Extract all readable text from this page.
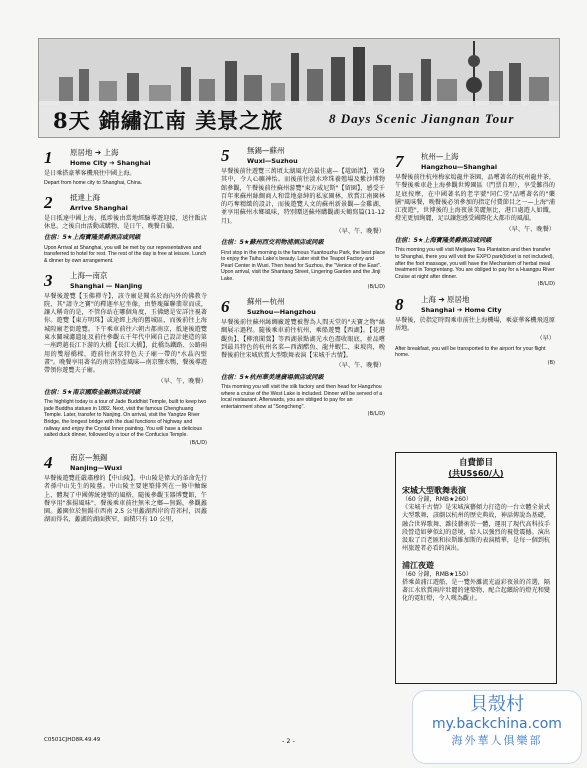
8天 錦繡江南 美景之旅	8 Days Scenic Jiangnan Tour
1 原居地 ➔ 上海
Home City ➔ Shanghai

是日乘搭豪華客機飛往中國上海。

Depart from home city to Shanghai, China.

2 抵達上海
Arrive Shanghai

是日抵達中國上海，抵埗後由當地經驗導遊迎接，送往飯店休息。之後自由活動或購物，是日午、晚餐自備。

住宿：5★上海寶隆美爵酒店或同級

Upon Arrival at Shanghai, you will be met by our representatives and transferred to hotel for rest. The rest of the day is free at leisure. Lunch & dinner by own arrangement.

3 上海—南京
Shanghai — Nanjing

早餐後遊覽【玉佛禪寺】，該寺廟是聞名於海內外的佛教寺院，其"請寺之寶"的釋迦牟尼坐像，由整塊羅聯翡翠而成，讓人稱奇的是，不管你站在哪個角度，玉佛總是安詳注視著你。遊覽【東方明珠】或途經上海的舊城區，而後前往上海城隍廟老街遊覽。下午乘車前往六朝古都南京，抵達後遊覽東水關城濾遺址及前往參觀五千年代中國自己設計建造的第一座跨越長江下游的大橋【長江大橋】，此橋為鐵路、公路兩用的雙層橋樑，遊前往南京特色夫子廟一帶的"水晶內壁畫"。晚餐享用著名的南京特產風味—南京鹽水鴨，餐後導遊帶領你遊覽夫子廟。

（早、午、晚餐）

住宿：5★南京國際金融酒店或同級

The highlight today is a tour of Jade Buddhist Temple, built to keep two jade Buddha statues in 1882. Next, visit the famous Chenghuang Temple. Later, transfer to Nanjing. On arrival, visit the Yangtze River Bridge, the longest bridge with the dual functions of highway and railway and enjoy the Crystal Inner painting. You will have a delicious salted duck dinner, followed by a tour of the Confucius Temple.

(B/L/D)

4 南京—無錫
Nanjing—Wuxi

早餐後遊覽莊嚴肅穆的【中山陵】。中山陵是偉大的革命先行者孫中山先生的陵墓。中山陵主要建築排列在一條中軸線上，體現了中國傳統建築的風格，隨後參觀玉器博覽館，午餐享用"淮揚風味"，餐後乘車前往無米之鄉—無錫，參觀蠡園。蠡園位於無錫市西南 2.5 公里蠡湖西岸的青祁村，因蠡湖而得名，蠡湖的湖面狹窄，面積只有 10 公里，

5 無錫—蘇州
Wuxi—Suzhou

早餐後前往遊覽三萬頃太湖風光的最佳處—【鼋頭渚】，置身其中，令人心曠神怡。而後前往淡水珍珠養殖場及紫沙博物館參觀，午餐後前往蘇州游覽"東方威尼斯"【留園】，感受千百年來蘇州絲綢商人和當地豪紳的私家園林，欣賞江南園林的巧奪精緻的設計，而後遊覽人文的蘇州新景觀—金雞湖，並享用蘇州水鄉風味，特別贈送蘇州購觀湖天鶴寫篇(11-12 月)。

（早、午、晚餐）

住宿：5★蘇州西交利物浦酒店或同級

First stop in the morning is the famous Yuantouzhu Park, the best place to enjoy the Taihu Lake's beauty. Later visit the Teapot Factory and Pearl Center in Wuxi. Then head for Suzhou, the "Venice of the East". Upon arrival, visit the Shantang Street, Lingering Garden and the Jinji Lake.

(B/L/D)

6 蘇州—杭州
Suzhou—Hangzhou

早餐後前往蘇州絲綢廠遊覽被譽為人間天堂的"天寶之物"絲綢展示過程。隨後乘車前往杭州，乘船遊覽【西湖】。【花港觀魚】、【柳浪聞鶯】等西湖景點湖光水色盡收眼底，並品嚐到最具特色的杭州名菜—西湖醋魚、龍井蝦仁、東坡肉，晚餐後前往宋城欣賞大型歌舞表演【宋城千古情】。

（早、午、晚餐）

住宿：5★杭州華美達廣場酒店或同級

This morning you will visit the silk factory and then head for Hangzhou where a cruise of the West Lake is included. Dinner will be served of a local restaurant. Afterwards, you are obliged to pay for an entertainment show at "Songcheng".

(B/L/D)

7 杭州—上海
Hangzhou—Shanghai

早餐後前往杭州梅家塢龍井茶園，品嚐著名的杭州龍井茶，午餐後乘車赴上海參觀世博園區（門票自理），享受難得的足底按摩，在中國著名的老字號"同仁堂"品嚐著名的"藥膳"風味餐，晚餐後必須參加的指定付費節目之一—上海"浦江夜遊"，世博後的上海夜景美麗無比，港口處遊人如織，燈光更加絢麗，足以讓您感受國際化大都市的風韻。

（早、午、晚餐）

住宿：5★上海寶隆美爵酒店或同級

This morning you will visit Meijiawu Tea Plantation and then transfer to Shanghai, there you will visit the EXPO park(ticket is not included), after the foot massage, you will have the Mechanism of herbal meal treatment in Tongrentang. You are obliged to pay for a Huangpu River Cruise at night after dinner.

(B/L/D)

8 上海 ➔ 原居地
Shanghai ➔ Home City

早餐後，於指定時間乘車前往上海機場，乘豪華客機飛返原居地。

（早）

After breakfast, you will be transported to the airport for your flight home.

(B)

自費節目
(共US$60/人)
宋城大型歌舞表演
（60 分鐘，RMB★260）
《宋城千古情》是宋城演藝傾力打造的一台立體全景式大型歌舞，該劇以杭州的歷史典故，神話傳說為基礎，融合世界歌舞、雜技藝術於一體，運用了現代高科技手段營造如夢似幻的意境，給人以強烈的視覺震撼。演出汲取了百老匯和拉斯維加斯的表演精華，是每一個到杭州旅遊者必看的演出。
浦江夜遊
（60 分鐘，RMB★150）
搭乘黃浦江遊船，是一覽外灘流光溢彩夜景的首選，隔著江水欣賞兩岸壯麗的建築物，配合起繽紛的燈光和變化的霓虹燈，令人嘆為觀止。
C0501CJHD8R.49.49	- 2 -
貝殼村
my.backchina.com
海外華人俱樂部
